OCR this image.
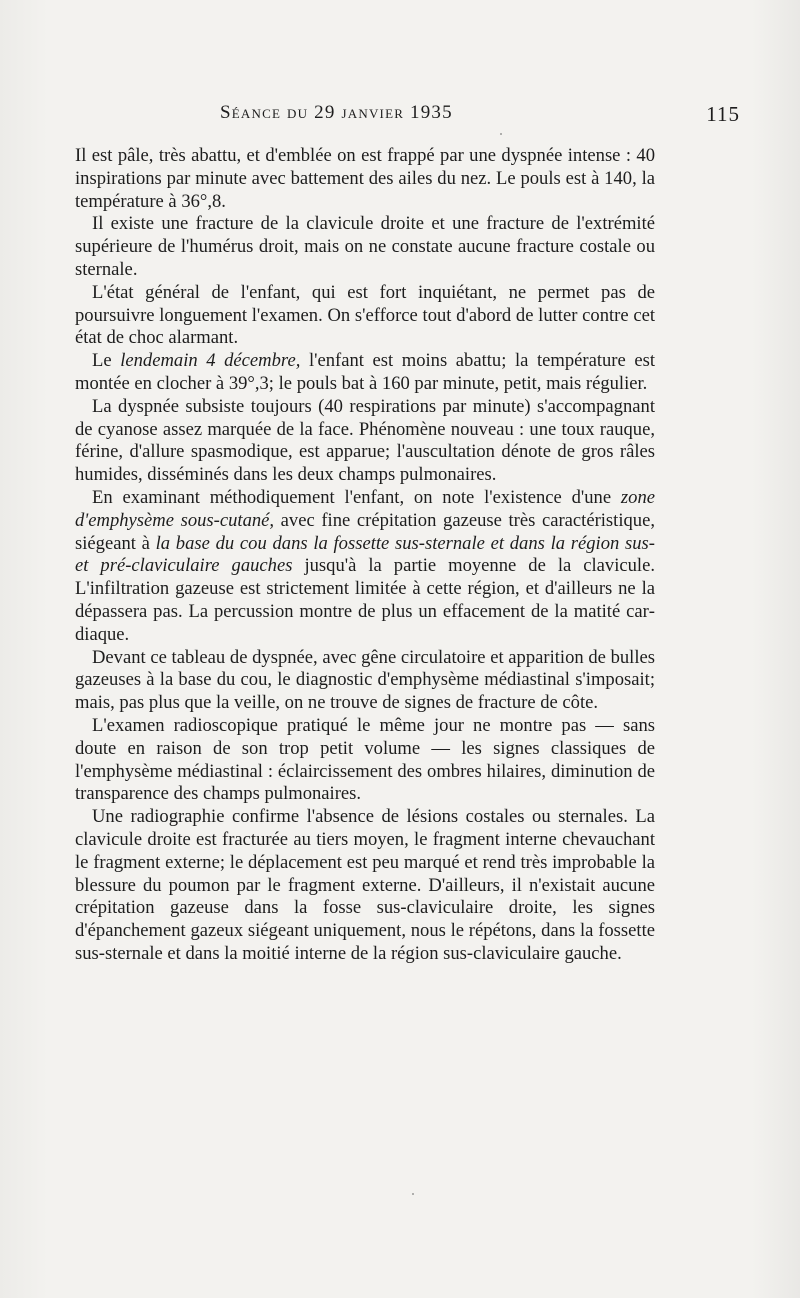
Séance du 29 janvier 1935	115

Il est pâle, très abattu, et d'emblée on est frappé par une dyspnée intense : 40 inspirations par minute avec battement des ailes du nez. Le pouls est à 140, la température à 36°,8.

Il existe une fracture de la clavicule droite et une fracture de l'extrémité supérieure de l'humérus droit, mais on ne constate aucune fracture costale ou sternale.

L'état général de l'enfant, qui est fort inquiétant, ne permet pas de poursuivre longuement l'examen. On s'efforce tout d'abord de lutter contre cet état de choc alarmant.

Le lendemain 4 décembre, l'enfant est moins abattu; la température est montée en clocher à 39°,3; le pouls bat à 160 par minute, petit, mais régulier.

La dyspnée subsiste toujours (40 respirations par minute) s'accompagnant de cyanose assez marquée de la face. Phénomène nouveau : une toux rauque, férine, d'allure spasmodique, est apparue; l'auscultation dénote de gros râles humides, disséminés dans les deux champs pulmonaires.

En examinant méthodiquement l'enfant, on note l'existence d'une zone d'emphysème sous-cutané, avec fine crépitation gazeuse très caractéristique, siégeant à la base du cou dans la fossette sus-sternale et dans la région sus- et pré-claviculaire gauches jusqu'à la partie moyenne de la clavicule. L'infiltration gazeuse est strictement limitée à cette région, et d'ailleurs ne la dépassera pas. La percussion montre de plus un effacement de la matité cardiaque.

Devant ce tableau de dyspnée, avec gêne circulatoire et apparition de bulles gazeuses à la base du cou, le diagnostic d'emphysème médiastinal s'imposait; mais, pas plus que la veille, on ne trouve de signes de fracture de côte.

L'examen radioscopique pratiqué le même jour ne montre pas — sans doute en raison de son trop petit volume — les signes classiques de l'emphysème médiastinal : éclaircissement des ombres hilaires, diminution de transparence des champs pulmonaires.

Une radiographie confirme l'absence de lésions costales ou sternales. La clavicule droite est fracturée au tiers moyen, le fragment interne chevauchant le fragment externe; le déplacement est peu marqué et rend très improbable la blessure du poumon par le fragment externe. D'ailleurs, il n'existait aucune crépitation gazeuse dans la fosse sus-claviculaire droite, les signes d'épanchement gazeux siégeant uniquement, nous le répétons, dans la fossette sus-sternale et dans la moitié interne de la région sus-claviculaire gauche.
